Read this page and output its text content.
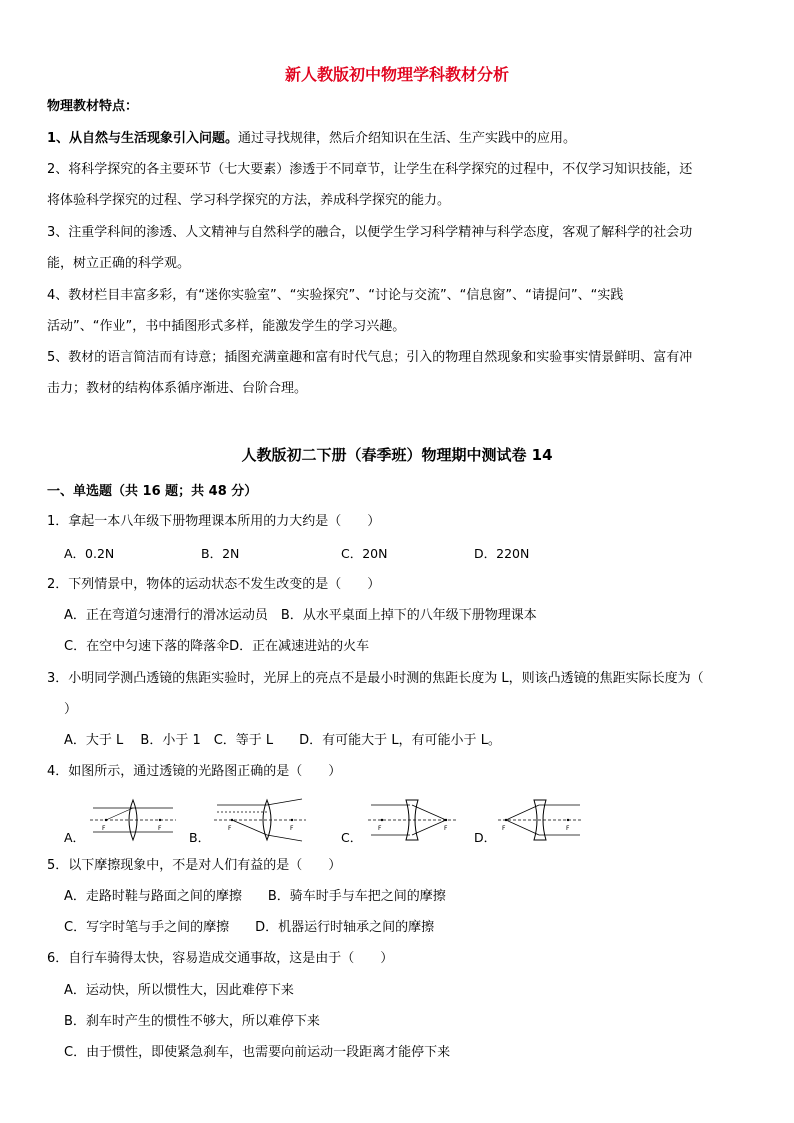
新人教版初中物理学科教材分析
物理教材特点：
1、从自然与生活现象引入问题。通过寻找规律，然后介绍知识在生活、生产实践中的应用。
2、将科学探究的各主要环节（七大要素）渗透于不同章节，让学生在科学探究的过程中，不仅学习知识技能，还
将体验科学探究的过程、学习科学探究的方法，养成科学探究的能力。
3、注重学科间的渗透、人文精神与自然科学的融合，以便学生学习科学精神与科学态度，客观了解科学的社会功
能，树立正确的科学观。
4、教材栏目丰富多彩，有“迷你实验室”、“实验探究”、“讨论与交流”、“信息窗”、“请提问”、“实践
活动”、“作业”，书中插图形式多样，能激发学生的学习兴趣。
5、教材的语言简洁而有诗意；插图充满童趣和富有时代气息；引入的物理自然现象和实验事实情景鲜明、富有冲
击力；教材的结构体系循序渐进、台阶合理。
人教版初二下册（春季班）物理期中测试卷 14
一、单选题（共 16 题；共 48 分）
1．拿起一本八年级下册物理课本所用的力大约是（　　）
A．0.2N	B．2N	C．20N	D．220N
2．下列情景中，物体的运动状态不发生改变的是（　　）
A．正在弯道匀速滑行的滑冰运动员　B．从水平桌面上掉下的八年级下册物理课本
C．在空中匀速下落的降落伞D．正在减速进站的火车
3．小明同学测凸透镜的焦距实验时，光屏上的亮点不是最小时测的焦距长度为 L，则该凸透镜的焦距实际长度为（
）
A．大于 L　 B．小于 1　C．等于 L　　D．有可能大于 L，有可能小于 L。
4．如图所示，通过透镜的光路图正确的是（　　）
A．
F	F
B．
F	F
C．
F	F
D．
F	F
5．以下摩擦现象中，不是对人们有益的是（　　）
A．走路时鞋与路面之间的摩擦　　B．骑车时手与车把之间的摩擦
C．写字时笔与手之间的摩擦　　D．机器运行时轴承之间的摩擦
6．自行车骑得太快，容易造成交通事故，这是由于（　　）
A．运动快，所以惯性大，因此难停下来
B．刹车时产生的惯性不够大，所以难停下来
C．由于惯性，即使紧急刹车，也需要向前运动一段距离才能停下来
